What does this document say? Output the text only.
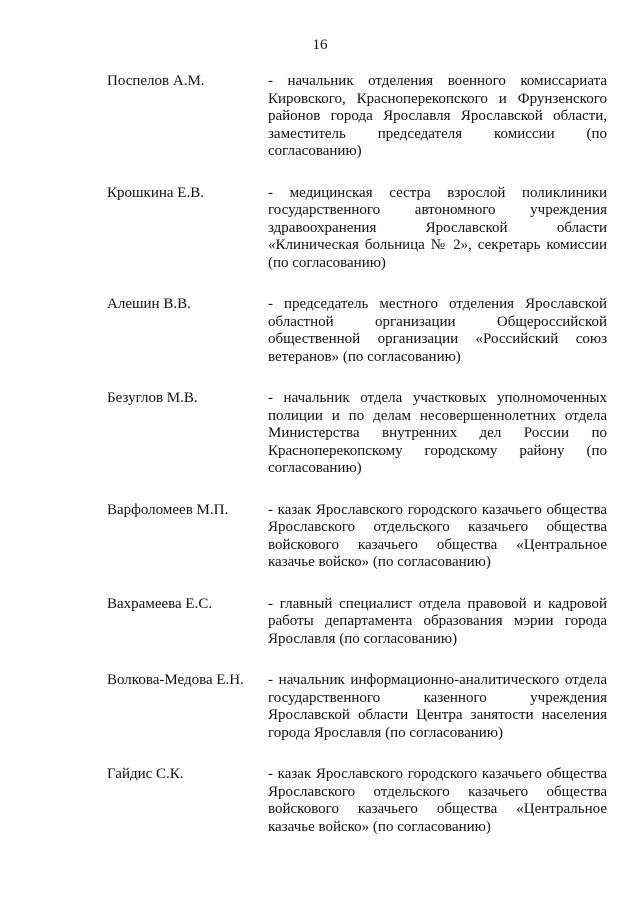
16
Поспелов А.М.	- начальник отделения военного комиссариата Кировского, Красноперекопского и Фрунзенского районов города Ярославля Ярославской области, заместитель председателя комиссии (по согласованию)
Крошкина Е.В.	- медицинская сестра взрослой поликлиники государственного автономного учреждения здравоохранения Ярославской области «Клиническая больница № 2», секретарь комиссии (по согласованию)
Алешин В.В.	- председатель местного отделения Ярославской областной организации Общероссийской общественной организации «Российский союз ветеранов» (по согласованию)
Безуглов М.В.	- начальник отдела участковых уполномоченных полиции и по делам несовершеннолетних отдела Министерства внутренних дел России по Красноперекопскому городскому району (по согласованию)
Варфоломеев М.П.	- казак Ярославского городского казачьего общества Ярославского отдельского казачьего общества войскового казачьего общества «Центральное казачье войско» (по согласованию)
Вахрамеева Е.С.	- главный специалист отдела правовой и кадровой работы департамента образования мэрии города Ярославля (по согласованию)
Волкова-Медова Е.Н.	- начальник информационно-аналитического отдела государственного казенного учреждения Ярославской области Центра занятости населения города Ярославля (по согласованию)
Гайдис С.К.	- казак Ярославского городского казачьего общества Ярославского отдельского казачьего общества войскового казачьего общества «Центральное казачье войско» (по согласованию)
